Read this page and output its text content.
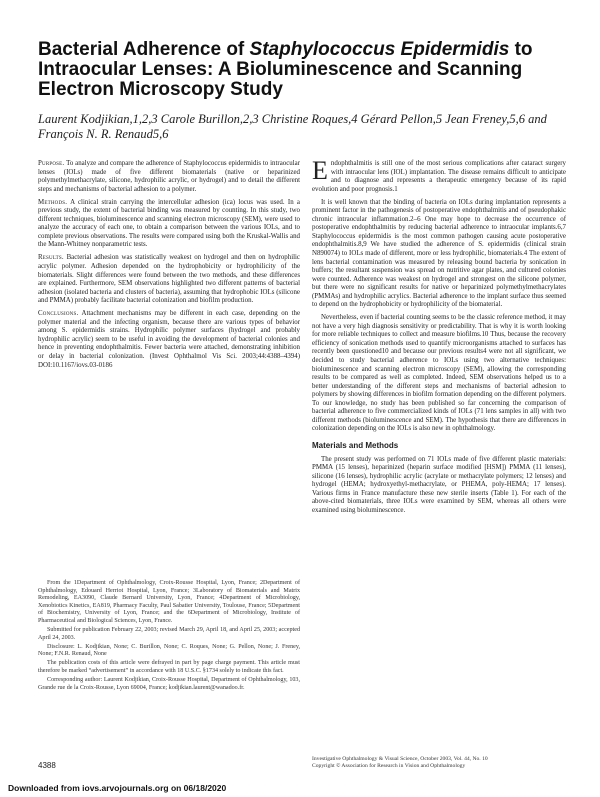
Bacterial Adherence of Staphylococcus Epidermidis to Intraocular Lenses: A Bioluminescence and Scanning Electron Microscopy Study
Laurent Kodjikian,1,2,3 Carole Burillon,2,3 Christine Roques,4 Gérard Pellon,5 Jean Freney,5,6 and François N. R. Renaud5,6

Purpose. To analyze and compare the adherence of Staphylococcus epidermidis to intraocular lenses (IOLs) made of five different biomaterials (native or heparinized polymethylmethacrylate, silicone, hydrophilic acrylic, or hydrogel) and to detail the different steps and mechanisms of bacterial adhesion to a polymer.

Methods. A clinical strain carrying the intercellular adhesion (ica) locus was used. In a previous study, the extent of bacterial binding was measured by counting. In this study, two different techniques, bioluminescence and scanning electron microscopy (SEM), were used to analyze the accuracy of each one, to obtain a comparison between the various IOLs, and to complete previous observations. The results were compared using both the Kruskal-Wallis and the Mann-Whitney nonparametric tests.

Results. Bacterial adhesion was statistically weakest on hydrogel and then on hydrophilic acrylic polymer. Adhesion depended on the hydrophobicity or hydrophilicity of the biomaterials. Slight differences were found between the two methods, and these differences are explained. Furthermore, SEM observations highlighted two different patterns of bacterial adhesion (isolated bacteria and clusters of bacteria), assuming that hydrophobic IOLs (silicone and PMMA) probably facilitate bacterial colonization and biofilm production.

Conclusions. Attachment mechanisms may be different in each case, depending on the polymer material and the infecting organism, because there are various types of behavior among S. epidermidis strains. Hydrophilic polymer surfaces (hydrogel and probably hydrophilic acrylic) seem to be useful in avoiding the development of bacterial colonies and hence in preventing endophthalmitis. Fewer bacteria were attached, demonstrating inhibition or delay in bacterial colonization. (Invest Ophthalmol Vis Sci. 2003;44:4388–4394) DOI:10.1167/iovs.03-0186

From the 1Department of Ophthalmology, Croix-Rousse Hospital, Lyon, France; 2Department of Ophthalmology, Edouard Herriot Hospital, Lyon, France; 3Laboratory of Biomaterials and Matrix Remodeling, EA3090, Claude Bernard University, Lyon, France; 4Department of Microbiology, Xenobiotics Kinetics, EA819, Pharmacy Faculty, Paul Sabatier University, Toulouse, France; 5Department of Biochemistry, University of Lyon, France; and the 6Department of Microbiology, Institute of Pharmaceutical and Biological Sciences, Lyon, France.

Submitted for publication February 22, 2003; revised March 29, April 18, and April 25, 2003; accepted April 24, 2003.

Disclosure: L. Kodjikian, None; C. Burillon, None; C. Roques, None; G. Pellon, None; J. Freney, None; F.N.R. Renaud, None

The publication costs of this article were defrayed in part by page charge payment. This article must therefore be marked “advertisement” in accordance with 18 U.S.C. §1734 solely to indicate this fact.

Corresponding author: Laurent Kodjikian, Croix-Rousse Hospital, Department of Ophthalmology, 103, Grande rue de la Croix-Rousse, Lyon 69004, France; kodjikian.laurent@wanadoo.fr.

4388

Endophthalmitis is still one of the most serious complications after cataract surgery with intraocular lens (IOL) implantation. The disease remains difficult to anticipate and to diagnose and represents a therapeutic emergency because of its rapid evolution and poor prognosis.1

It is well known that the binding of bacteria on IOLs during implantation represents a prominent factor in the pathogenesis of postoperative endophthalmitis and of pseudophakic chronic intraocular inflammation.2–6 One may hope to decrease the occurrence of postoperative endophthalmitis by reducing bacterial adherence to intraocular implants.6,7 Staphylococcus epidermidis is the most common pathogen causing acute postoperative endophthalmitis.8,9 We have studied the adherence of S. epidermidis (clinical strain N890074) to IOLs made of different, more or less hydrophilic, biomaterials.4 The extent of lens bacterial contamination was measured by releasing bound bacteria by sonication in buffers; the resultant suspension was spread on nutritive agar plates, and cultured colonies were counted. Adherence was weakest on hydrogel and strongest on the silicone polymer, but there were no significant results for native or heparinized polymethylmethacrylates (PMMAs) and hydrophilic acrylics. Bacterial adherence to the implant surface thus seemed to depend on the hydrophobicity or hydrophilicity of the biomaterial.

Nevertheless, even if bacterial counting seems to be the classic reference method, it may not have a very high diagnosis sensitivity or predictability. That is why it is worth looking for more reliable techniques to collect and measure biofilms.10 Thus, because the recovery efficiency of sonication methods used to quantify microorganisms attached to surfaces has recently been questioned10 and because our previous results4 were not all significant, we decided to study bacterial adherence to IOLs using two alternative techniques: bioluminescence and scanning electron microscopy (SEM), allowing the corresponding results to be compared as well as completed. Indeed, SEM observations helped us to a better understanding of the different steps and mechanisms of bacterial adhesion to polymers by showing differences in biofilm formation depending on the different polymers. To our knowledge, no study has been published so far concerning the comparison of bacterial adherence to five commercialized kinds of IOLs (71 lens samples in all) with two different methods (bioluminescence and SEM). The hypothesis that there are differences in colonization depending on the IOLs is also new in ophthalmology.

Materials and Methods

The present study was performed on 71 IOLs made of five different plastic materials: PMMA (15 lenses), heparinized (heparin surface modified [HSM]) PMMA (11 lenses), silicone (16 lenses), hydrophilic acrylic (acrylate or methacrylate polymers; 12 lenses) and hydrogel (HEMA; hydroxyethyl-methacrylate, or PHEMA, poly-HEMA; 17 lenses). Various firms in France manufacture these new sterile inserts (Table 1). For each of the above-cited biomaterials, three IOLs were examined by SEM, whereas all others were examined using bioluminescence.

Investigative Ophthalmology & Visual Science, October 2003, Vol. 44, No. 10
Copyright © Association for Research in Vision and Ophthalmology
Downloaded from iovs.arvojournals.org on 06/18/2020
